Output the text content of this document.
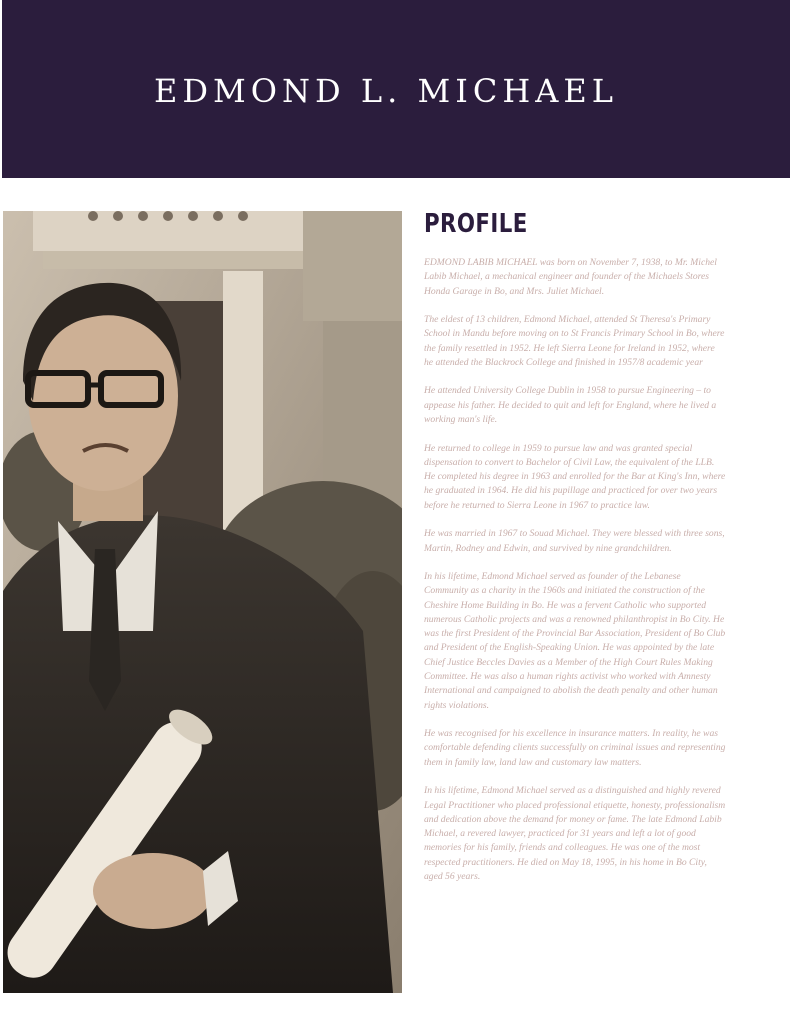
EDMOND L. MICHAEL
PROFILE

EDMOND LABIB MICHAEL was born on November 7, 1938, to Mr. Michel Labib Michael, a mechanical engineer and founder of the Michaels Stores Honda Garage in Bo, and Mrs. Juliet Michael.

The eldest of 13 children, Edmond Michael, attended St Theresa's Primary School in Mandu before moving on to St Francis Primary School in Bo, where the family resettled in 1952. He left Sierra Leone for Ireland in 1952, where he attended the Blackrock College and finished in 1957/8 academic year

He attended University College Dublin in 1958 to pursue Engineering – to appease his father. He decided to quit and left for England, where he lived a working man's life.

He returned to college in 1959 to pursue law and was granted special dispensation to convert to Bachelor of Civil Law, the equivalent of the LLB. He completed his degree in 1963 and enrolled for the Bar at King's Inn, where he graduated in 1964. He did his pupillage and practiced for over two years before he returned to Sierra Leone in 1967 to practice law.

He was married in 1967 to Souad Michael. They were blessed with three sons, Martin, Rodney and Edwin, and survived by nine grandchildren.

In his lifetime, Edmond Michael served as founder of the Lebanese Community as a charity in the 1960s and initiated the construction of the Cheshire Home Building in Bo. He was a fervent Catholic who supported numerous Catholic projects and was a renowned philanthropist in Bo City. He was the first President of the Provincial Bar Association, President of Bo Club and President of the English-Speaking Union. He was appointed by the late Chief Justice Beccles Davies as a Member of the High Court Rules Making Committee. He was also a human rights activist who worked with Amnesty International and campaigned to abolish the death penalty and other human rights violations.

He was recognised for his excellence in insurance matters. In reality, he was comfortable defending clients successfully on criminal issues and representing them in family law, land law and customary law matters.

In his lifetime, Edmond Michael served as a distinguished and highly revered Legal Practitioner who placed professional etiquette, honesty, professionalism and dedication above the demand for money or fame. The late Edmond Labib Michael, a revered lawyer, practiced for 31 years and left a lot of good memories for his family, friends and colleagues. He was one of the most respected practitioners. He died on May 18, 1995, in his home in Bo City, aged 56 years.
